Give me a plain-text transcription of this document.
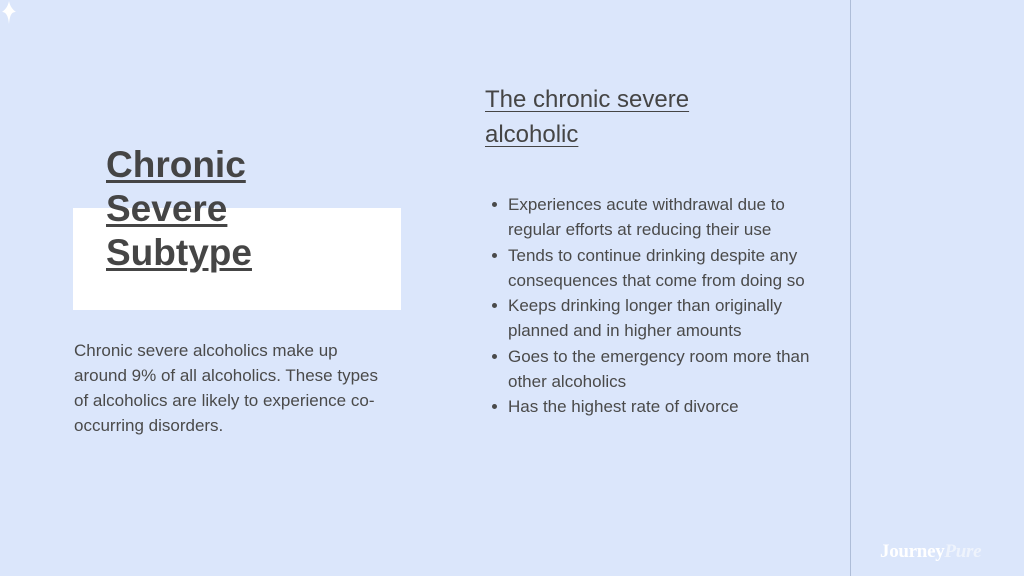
Chronic Severe Subtype

Chronic severe alcoholics make up around 9% of all alcoholics. These types of alcoholics are likely to experience co-occurring disorders.

The chronic severe alcoholic
Experiences acute withdrawal due to regular efforts at reducing their use
Tends to continue drinking despite any consequences that come from doing so
Keeps drinking longer than originally planned and in higher amounts
Goes to the emergency room more than other alcoholics
Has the highest rate of divorce
Journey Pure
